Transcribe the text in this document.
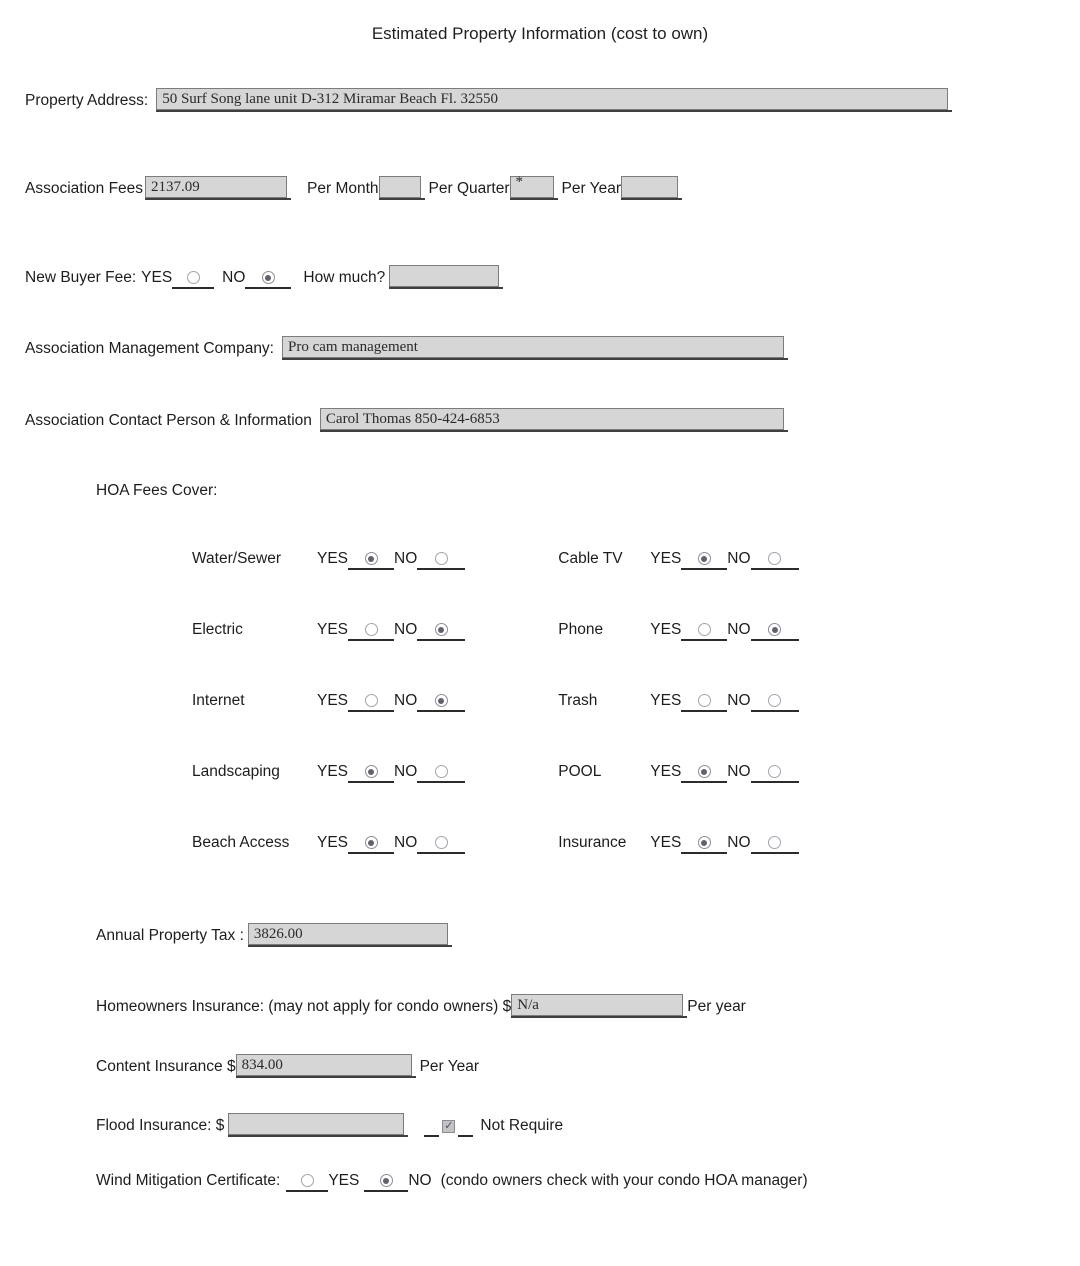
Estimated Property Information (cost to own)
Property Address: 50 Surf Song lane unit D-312 Miramar Beach Fl. 32550
Association Fees 2137.09	Per Month	Per Quarter * Per Year
New Buyer Fee: YES	NO	How much?
Association Management Company: Pro cam management
Association Contact Person & Information Carol Thomas 850-424-6853
HOA Fees Cover:
Water/Sewer	YES	NO	Cable TV	YES	NO
Electric	YES	NO	Phone	YES	NO
Internet	YES	NO	Trash	YES	NO
Landscaping	YES	NO	POOL	YES	NO
Beach Access	YES	NO	Insurance	YES	NO
Annual Property Tax : 3826.00
Homeowners Insurance: (may not apply for condo owners) $ N/a	Per year
Content Insurance $ 834.00	Per Year
Flood Insurance: $ ✓	Not Require
Wind Mitigation Certificate:	YES	NO (condo owners check with your condo HOA manager)
